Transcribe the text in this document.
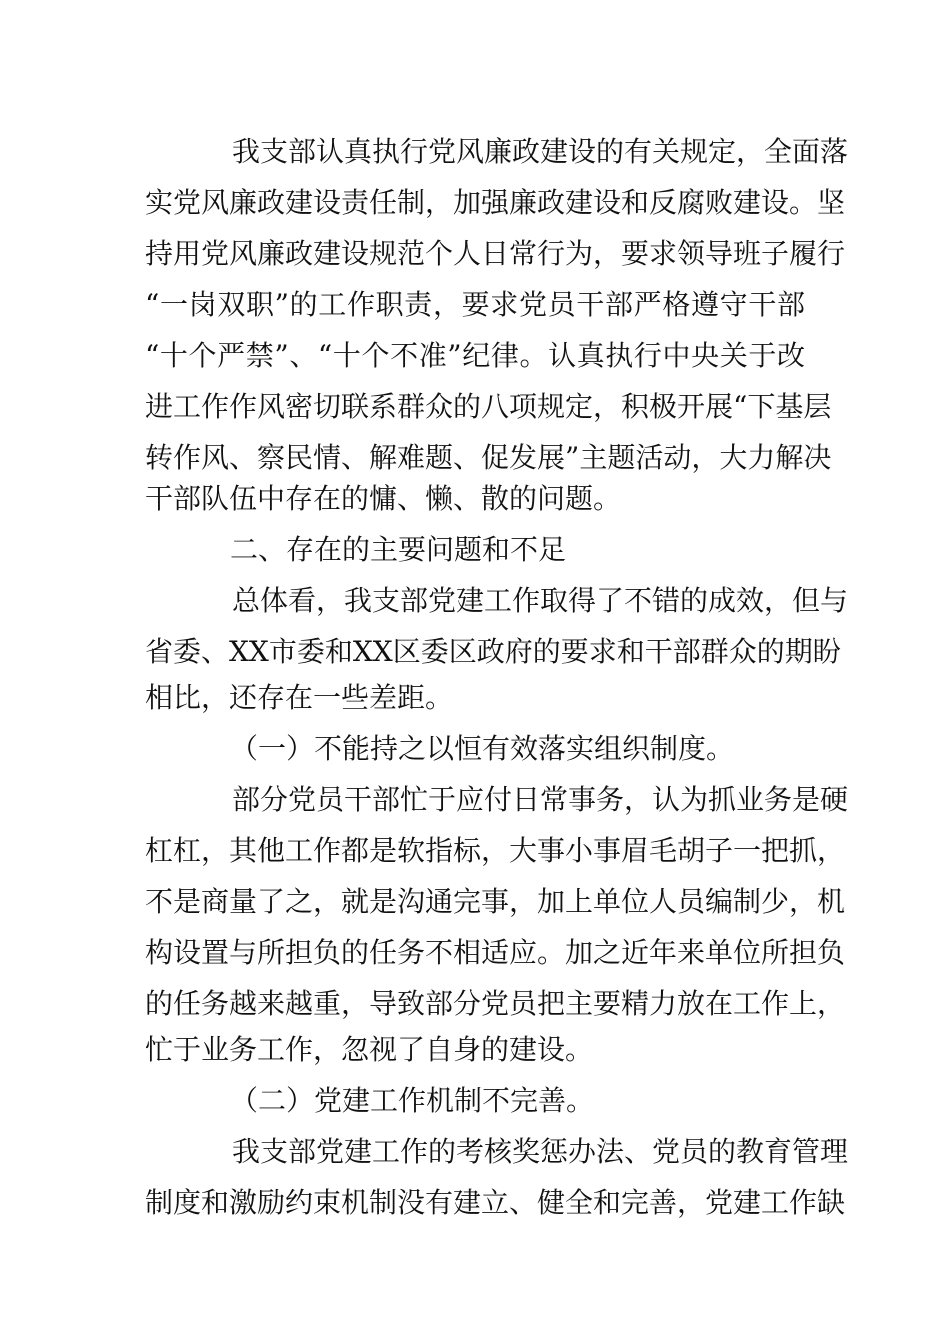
我支部认真执行党风廉政建设的有关规定，全面落
实党风廉政建设责任制，加强廉政建设和反腐败建设。坚
持用党风廉政建设规范个人日常行为，要求领导班子履行
“一岗双职”的工作职责，要求党员干部严格遵守干部
“十个严禁”、“十个不准”纪律。认真执行中央关于改
进工作作风密切联系群众的八项规定，积极开展“下基层
转作风、察民情、解难题、促发展”主题活动，大力解决
干部队伍中存在的慵、懒、散的问题。
二、存在的主要问题和不足
总体看，我支部党建工作取得了不错的成效，但与
省委、XX市委和XX区委区政府的要求和干部群众的期盼
相比，还存在一些差距。
（一）不能持之以恒有效落实组织制度。
部分党员干部忙于应付日常事务，认为抓业务是硬
杠杠，其他工作都是软指标，大事小事眉毛胡子一把抓，
不是商量了之，就是沟通完事，加上单位人员编制少，机
构设置与所担负的任务不相适应。加之近年来单位所担负
的任务越来越重，导致部分党员把主要精力放在工作上，
忙于业务工作，忽视了自身的建设。
（二）党建工作机制不完善。
我支部党建工作的考核奖惩办法、党员的教育管理
制度和激励约束机制没有建立、健全和完善，党建工作缺
